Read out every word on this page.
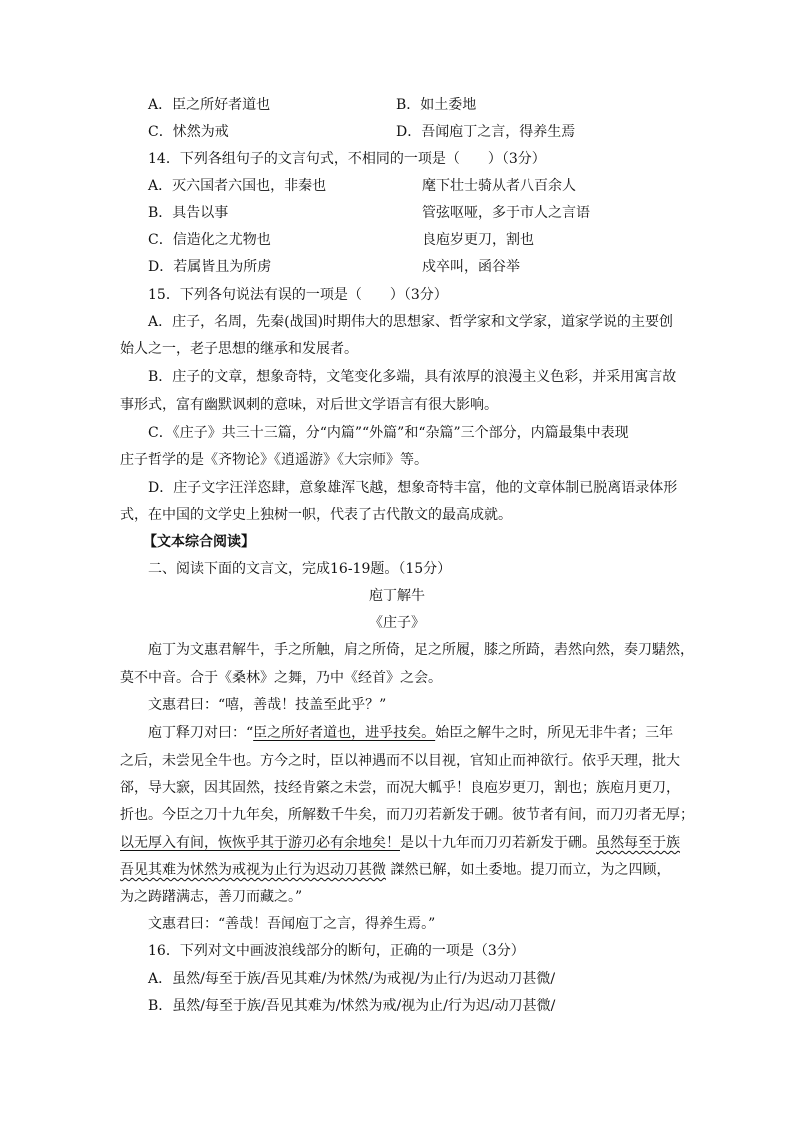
A．臣之所好者道也	B．如土委地
C．怵然为戒	D．吾闻庖丁之言，得养生焉
14．下列各组句子的文言句式，不相同的一项是（　　）（3分）
A．灭六国者六国也，非秦也	麾下壮士骑从者八百余人
B．具告以事	管弦呕哑，多于市人之言语
C．信造化之尤物也	良庖岁更刀，割也
D．若属皆且为所虏	戍卒叫，函谷举
15．下列各句说法有误的一项是（　　）（3分）
A．庄子，名周，先秦(战国)时期伟大的思想家、哲学家和文学家，道家学说的主要创
始人之一，老子思想的继承和发展者。
B．庄子的文章，想象奇特，文笔变化多端，具有浓厚的浪漫主义色彩，并采用寓言故
事形式，富有幽默讽刺的意味，对后世文学语言有很大影响。
C．《庄子》共三十三篇，分“内篇”“外篇”和“杂篇”三个部分，内篇最集中表现
庄子哲学的是《齐物论》《逍遥游》《大宗师》等。
D．庄子文字汪洋恣肆，意象雄浑飞越，想象奇特丰富，他的文章体制已脱离语录体形
式，在中国的文学史上独树一帜，代表了古代散文的最高成就。
【文本综合阅读】
二、阅读下面的文言文，完成16-19题。（15分）
庖丁解牛
《庄子》
庖丁为文惠君解牛，手之所触，肩之所倚，足之所履，膝之所踦，砉然向然，奏刀騞然，
莫不中音。合于《桑林》之舞，乃中《经首》之会。
文惠君曰：“嘻，善哉！技盖至此乎？”
庖丁释刀对曰：“臣之所好者道也，进乎技矣。始臣之解牛之时，所见无非牛者；三年
之后，未尝见全牛也。方今之时，臣以神遇而不以目视，官知止而神欲行。依乎天理，批大
郤，导大窾，因其固然，技经肯綮之未尝，而况大軱乎！良庖岁更刀，割也；族庖月更刀，
折也。今臣之刀十九年矣，所解数千牛矣，而刀刃若新发于硎。彼节者有间，而刀刃者无厚；
以无厚入有间，恢恢乎其于游刃必有余地矣！是以十九年而刀刃若新发于硎。虽然每至于族
吾见其难为怵然为戒视为止行为迟动刀甚微 謋然已解，如土委地。提刀而立，为之四顾，
为之踌躇满志，善刀而藏之。”
文惠君曰：“善哉！吾闻庖丁之言，得养生焉。”
16．下列对文中画波浪线部分的断句，正确的一项是（3分）
A．虽然/每至于族/吾见其难/为怵然/为戒视/为止行/为迟动刀甚微/
B．虽然/每至于族/吾见其难为/怵然为戒/视为止/行为迟/动刀甚微/
